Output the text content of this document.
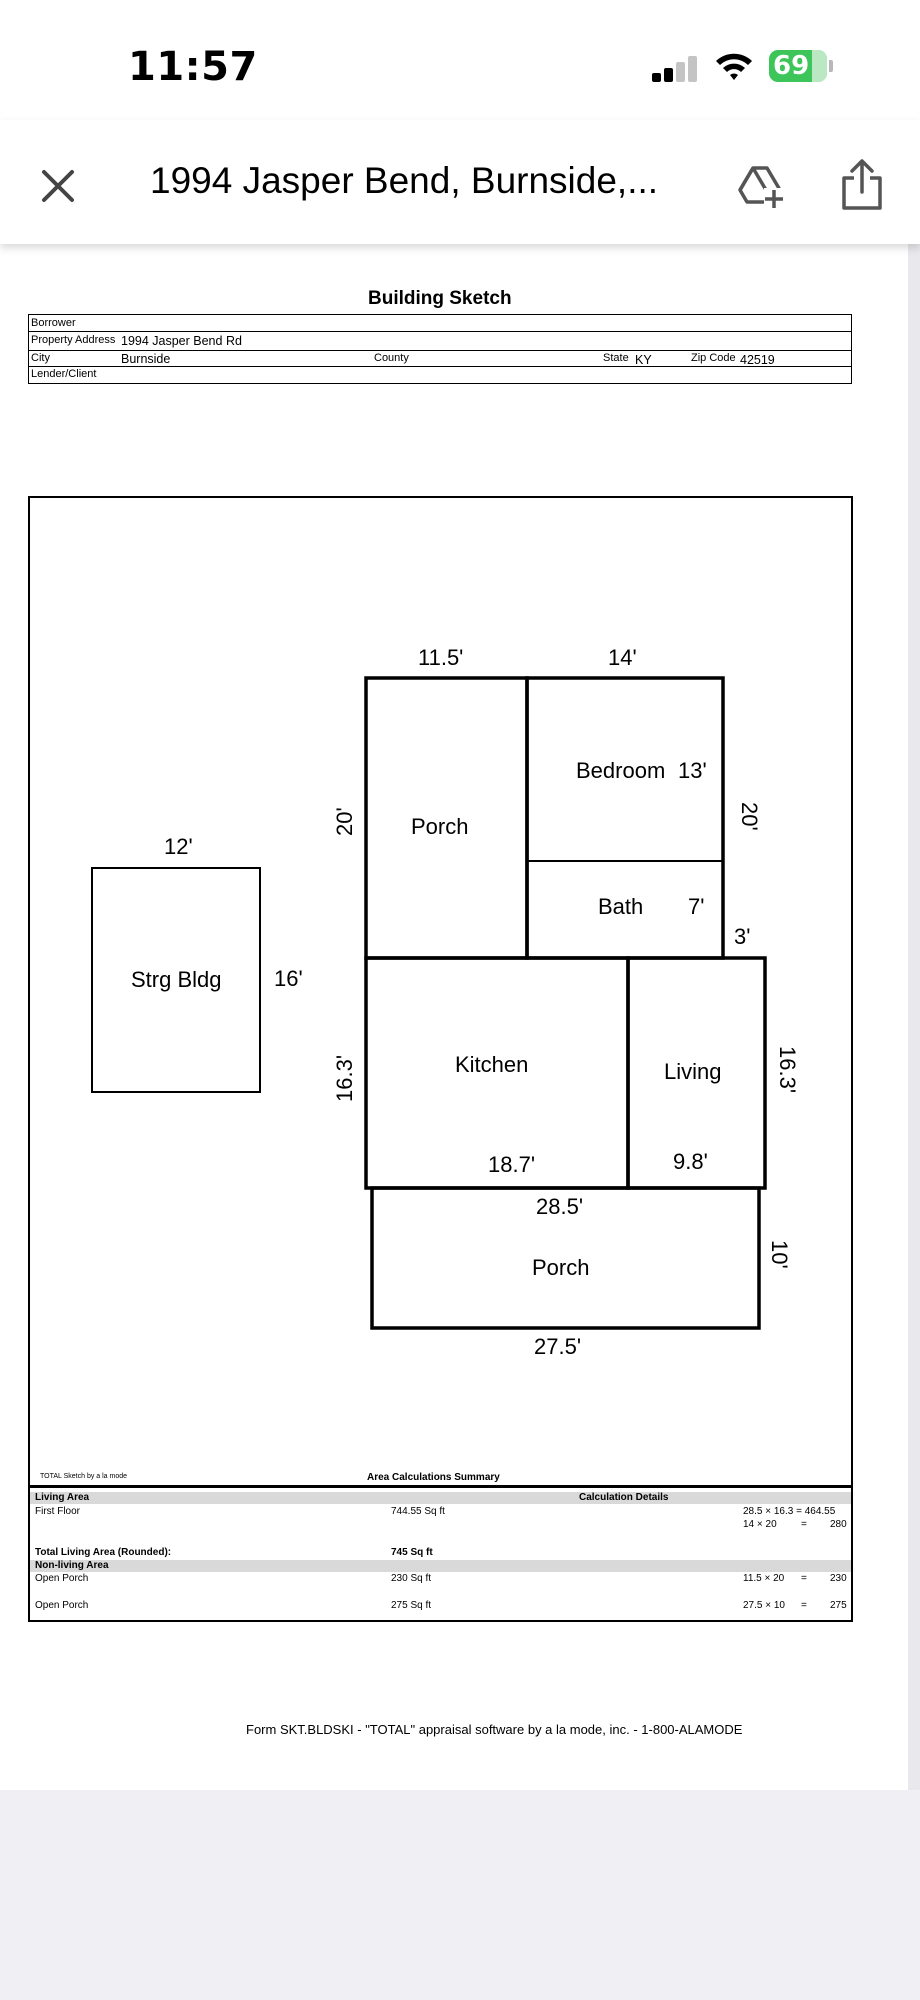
11:57	69
1994 Jasper Bend, Burnside,...
Building Sketch
Borrower
Property Address 1994 Jasper Bend Rd
City	Burnside	County	State KY	Zip Code 42519
Lender/Client
11.5'	14'
20' Porch
Bedroom 13'
20'
Bath 7'
3'
12'
Strg Bldg 16'
16.3'	Kitchen	Living 16.3'
18.7'	9.8'
28.5'
Porch	10'
27.5'
TOTAL Sketch by a la mode	Area Calculations Summary
Living Area	Calculation Details
First Floor	744.55 Sq ft	28.5 × 16.3 = 464.55
14 × 20 = 280
Total Living Area (Rounded):	745 Sq ft
Non-living Area
Open Porch	230 Sq ft	11.5 × 20 = 230
Open Porch	275 Sq ft	27.5 × 10 = 275
Form SKT.BLDSKI - "TOTAL" appraisal software by a la mode, inc. - 1-800-ALAMODE
